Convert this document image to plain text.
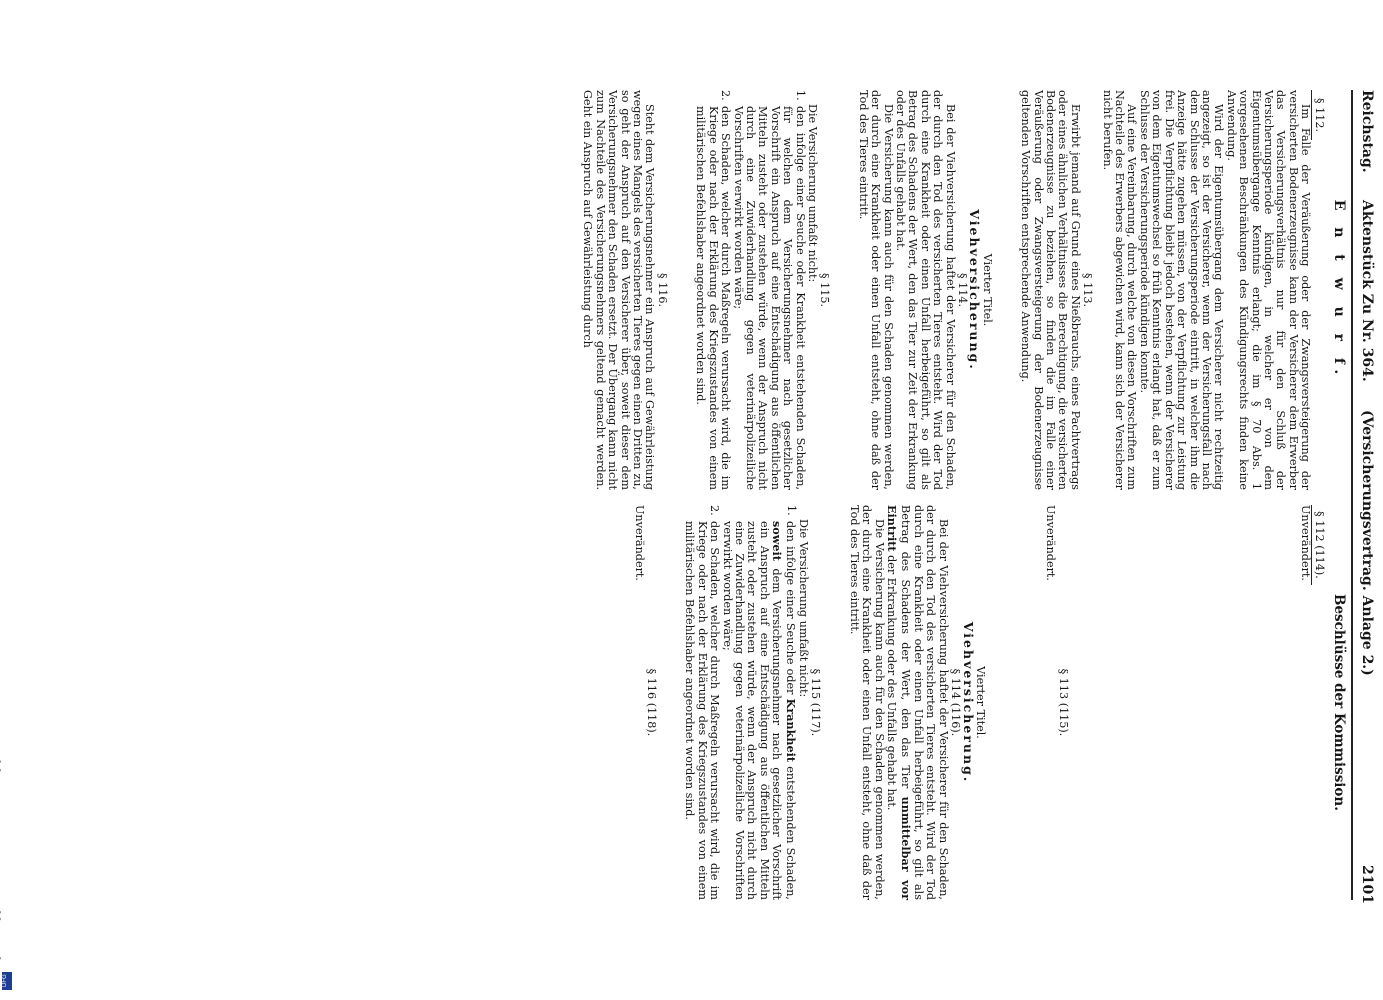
Reichstag.
Aktenstück Zu Nr. 364.
(Versicherungsvertrag. Anlage 2.)
2101

E n t w u r f.

§ 112.

Im Falle der Veräußerung oder der Zwangsversteigerung der versicherten Bodenerzeugnisse kann der Versicherer dem Erwerber das Versicherungsverhältnis nur für den Schluß der Versicherungsperiode kündigen, in welcher er von dem Eigentumsübergange Kenntnis erlangt; die im § 70 Abs. 1 vorgesehenen Beschränkungen des Kündigungsrechts finden keine Anwendung.

Wird der Eigentumsübergang dem Versicherer nicht rechtzeitig angezeigt, so ist der Versicherer, wenn der Versicherungsfall nach dem Schlusse der Versicherungsperiode eintritt, in welcher ihm die Anzeige hätte zugehen müssen, von der Verpflichtung zur Leistung frei. Die Verpflichtung bleibt jedoch bestehen, wenn der Versicherer von dem Eigentumswechsel so früh Kenntnis erlangt hat, daß er zum Schlusse der Versicherungsperiode kündigen konnte.

Auf eine Vereinbarung, durch welche von diesen Vorschriften zum Nachteile des Erwerbers abgewichen wird, kann sich der Versicherer nicht berufen.

§ 113.

Erwirbt jemand auf Grund eines Nießbrauchs, eines Pachtvertrags oder eines ähnlichen Verhältnisses die Berechtigung, die versicherten Bodenerzeugnisse zu beziehen, so finden die im Falle einer Veräußerung oder Zwangsversteigerung der Bodenerzeugnisse geltenden Vorschriften entsprechende Anwendung.

Vierter Titel.

Viehversicherung.

§ 114.

Bei der Viehversicherung haftet der Versicherer für den Schaden, der durch den Tod des versicherten Tieres entsteht. Wird der Tod durch eine Krankheit oder einen Unfall herbeigeführt, so gilt als Betrag des Schadens der Wert, den das Tier zur Zeit der Erkrankung oder des Unfalls gehabt hat.

Die Versicherung kann auch für den Schaden genommen werden, der durch eine Krankheit oder einen Unfall entsteht, ohne daß der Tod des Tieres eintritt.

§ 115.

Die Versicherung umfaßt nicht:

1.

den infolge einer Seuche oder Krankheit entstehenden Schaden, für welchen dem Versicherungsnehmer nach gesetzlicher Vorschrift ein Anspruch auf eine Entschädigung aus öffentlichen Mitteln zusteht oder zustehen würde, wenn der Anspruch nicht durch eine Zuwiderhandlung gegen veterinärpolizeiliche Vorschriften verwirkt worden wäre;

2.

den Schaden, welcher durch Maßregeln verursacht wird, die im Kriege oder nach der Erklärung des Kriegszustandes von einem militärischen Befehlshaber angeordnet worden sind.

§ 116.

Steht dem Versicherungsnehmer ein Anspruch auf Gewährleistung wegen eines Mangels des versicherten Tieres gegen einen Dritten zu, so geht der Anspruch auf den Versicherer über, soweit dieser dem Versicherungsnehmer den Schaden ersetzt. Der Übergang kann nicht zum Nachteile des Versicherungsnehmers geltend gemacht werden. Geht ein Anspruch auf Gewährleistung durch

Beschlüsse der Kommission.

§ 112 (114).

Unverändert.

§ 113 (115).

Unverändert.

Vierter Titel.

Viehversicherung.

§ 114 (116).

Bei der Viehversicherung haftet der Versicherer für den Schaden, der durch den Tod des versicherten Tieres entsteht. Wird der Tod durch eine Krankheit oder einen Unfall herbeigeführt, so gilt als Betrag des Schadens der Wert, den das Tier unmittelbar vor Eintritt der Erkrankung oder des Unfalls gehabt hat.

Die Versicherung kann auch für den Schaden genommen werden, der durch eine Krankheit oder einen Unfall entsteht, ohne daß der Tod des Tieres eintritt.

§ 115 (117).

Die Versicherung umfaßt nicht:

1.

den infolge einer Seuche oder Krankheit entstehenden Schaden, soweit dem Versicherungsnehmer nach gesetzlicher Vorschrift ein Anspruch auf eine Entschädigung aus öffentlichen Mitteln zusteht oder zustehen würde, wenn der Anspruch nicht durch eine Zuwiderhandlung gegen veterinärpolizeiliche Vorschriften verwirkt worden wäre;

2.

den Schaden, welcher durch Maßregeln verursacht wird, die im Kriege oder nach der Erklärung des Kriegszustandes von einem militärischen Befehlshaber angeordnet worden sind.

§ 116 (118).

Unverändert.

DFG
